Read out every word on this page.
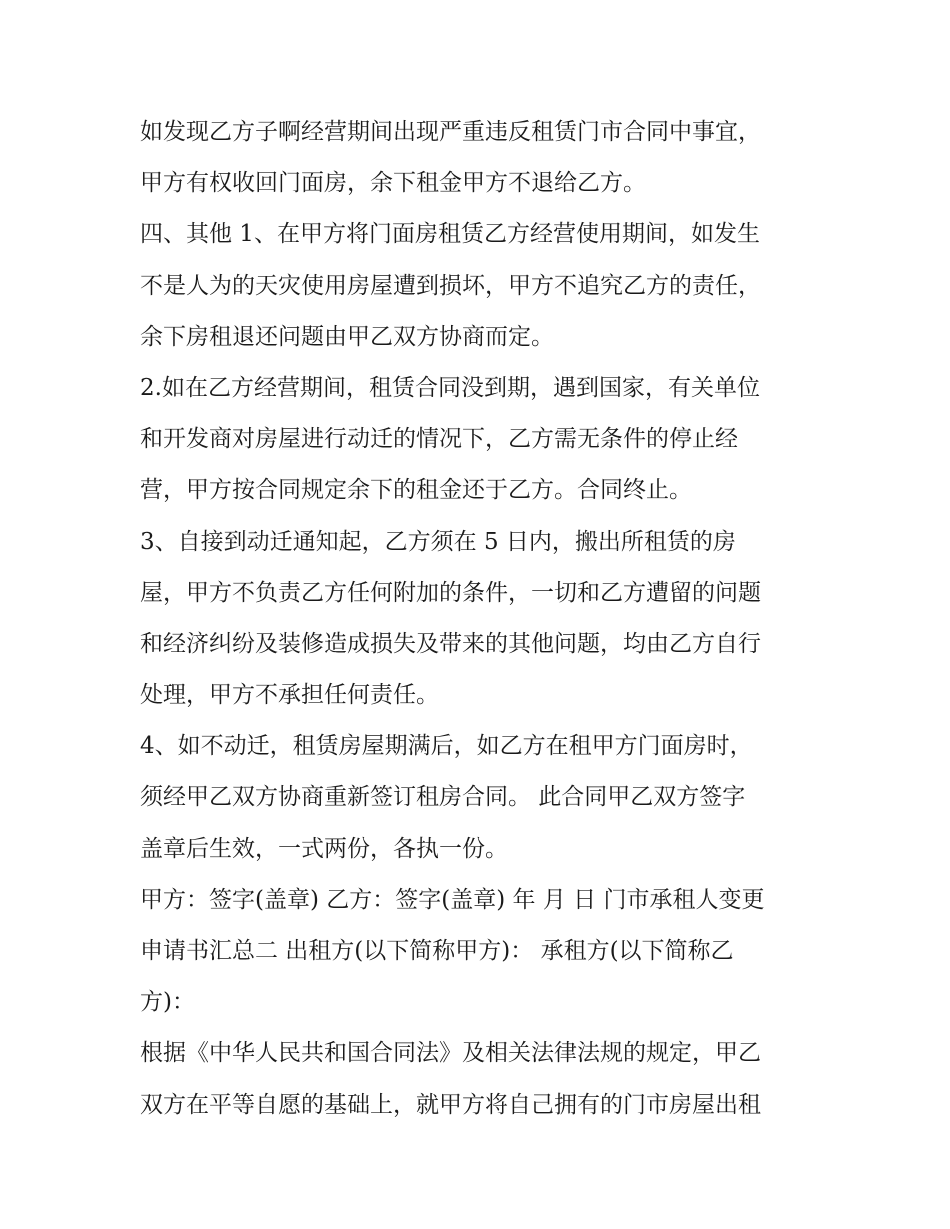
如发现乙方子啊经营期间出现严重违反租赁门市合同中事宜，
甲方有权收回门面房，余下租金甲方不退给乙方。
四、其他 1、在甲方将门面房租赁乙方经营使用期间，如发生
不是人为的天灾使用房屋遭到损坏，甲方不追究乙方的责任，
余下房租退还问题由甲乙双方协商而定。
2.如在乙方经营期间，租赁合同没到期，遇到国家，有关单位
和开发商对房屋进行动迁的情况下，乙方需无条件的停止经
营，甲方按合同规定余下的租金还于乙方。合同终止。
3、自接到动迁通知起，乙方须在 5 日内，搬出所租赁的房
屋，甲方不负责乙方任何附加的条件，一切和乙方遭留的问题
和经济纠纷及装修造成损失及带来的其他问题，均由乙方自行
处理，甲方不承担任何责任。
4、如不动迁，租赁房屋期满后，如乙方在租甲方门面房时，
须经甲乙双方协商重新签订租房合同。 此合同甲乙双方签字
盖章后生效，一式两份，各执一份。
甲方：签字(盖章) 乙方：签字(盖章) 年 月 日 门市承租人变更
申请书汇总二 出租方(以下简称甲方)： 承租方(以下简称乙
方)：
根据《中华人民共和国合同法》及相关法律法规的规定，甲乙
双方在平等自愿的基础上，就甲方将自己拥有的门市房屋出租
